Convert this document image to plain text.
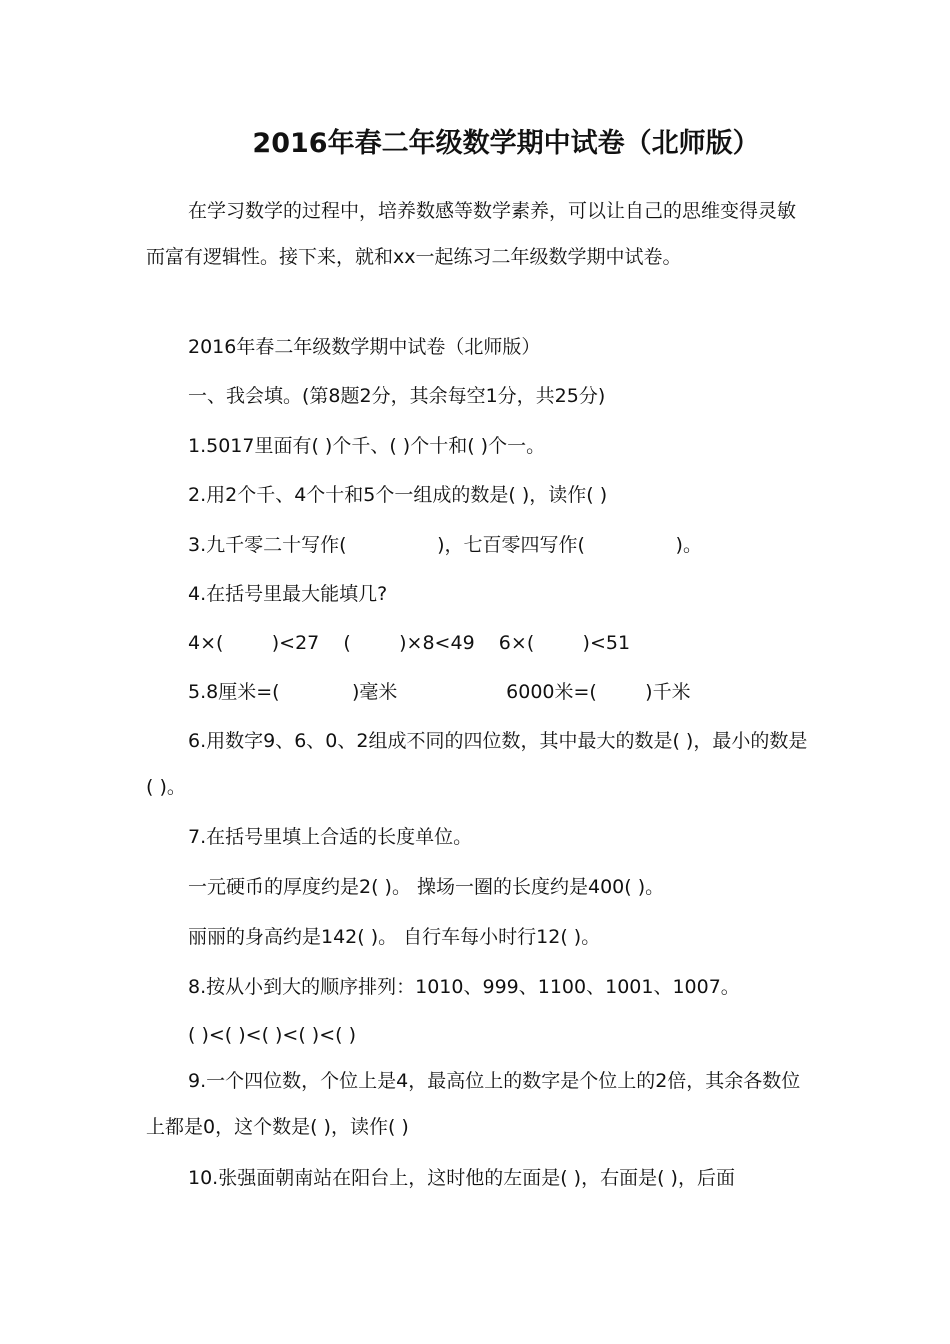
2016年春二年级数学期中试卷（北师版）

在学习数学的过程中，培养数感等数学素养，可以让自己的思维变得灵敏而富有逻辑性。接下来，就和xx一起练习二年级数学期中试卷。

2016年春二年级数学期中试卷（北师版）
一、我会填。(第8题2分，其余每空1分，共25分)
1.5017里面有( )个千、( )个十和( )个一。
2.用2个千、4个十和5个一组成的数是( )，读作( )
3.九千零二十写作(               )，七百零四写作(               )。
4.在括号里最大能填几?
4×(        )<27    (        )×8<49    6×(        )<51
5.8厘米=(            )毫米                  6000米=(        )千米

6.用数字9、6、0、2组成不同的四位数，其中最大的数是( )，最小的数是( )。

7.在括号里填上合适的长度单位。
一元硬币的厚度约是2( )。 操场一圈的长度约是400( )。
丽丽的身高约是142( )。 自行车每小时行12( )。
8.按从小到大的顺序排列：1010、999、1100、1001、1007。
( )<( )<( )<( )<( )

9.一个四位数，个位上是4，最高位上的数字是个位上的2倍，其余各数位上都是0，这个数是( )，读作( )

10.张强面朝南站在阳台上，这时他的左面是( )，右面是( )，后面
